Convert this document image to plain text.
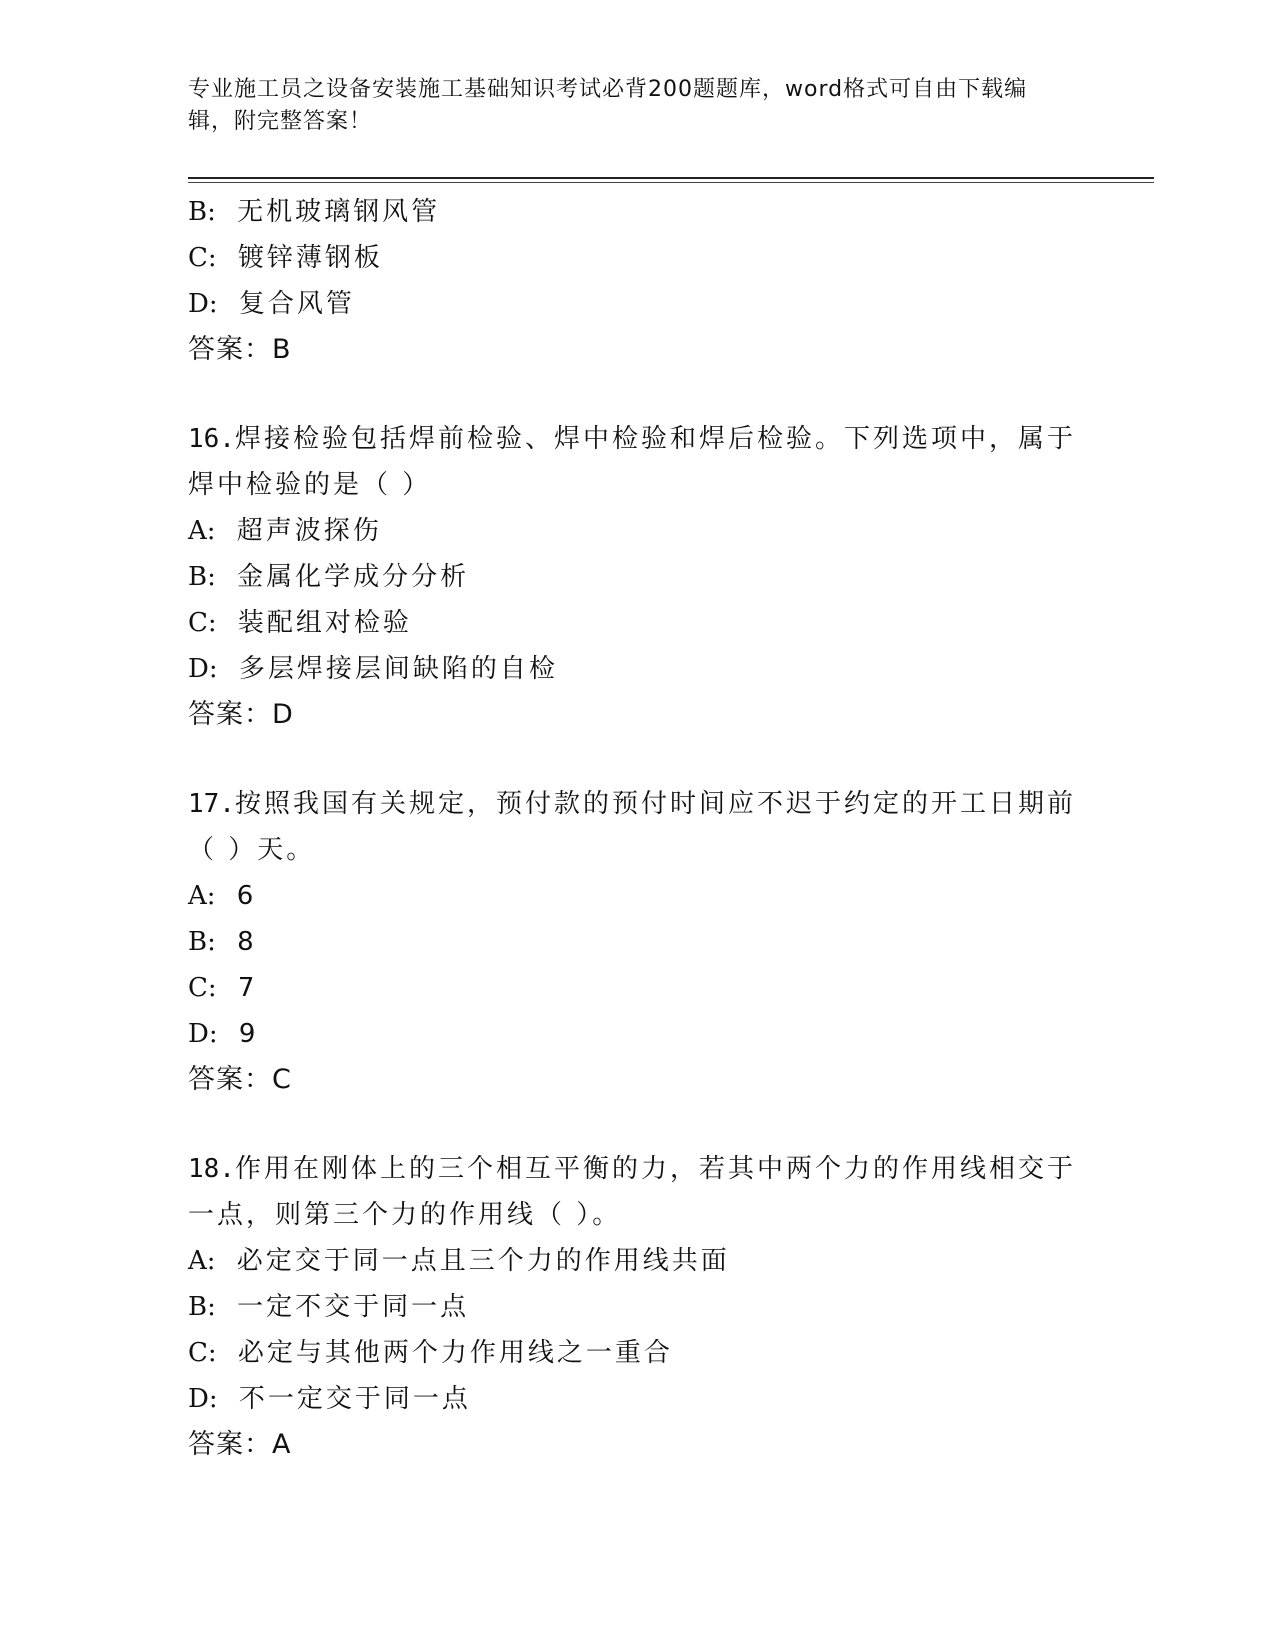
专业施工员之设备安装施工基础知识考试必背200题题库，word格式可自由下载编辑，附完整答案！
B: 无机玻璃钢风管
C: 镀锌薄钢板
D: 复合风管
答案：B
16.焊接检验包括焊前检验、焊中检验和焊后检验。下列选项中，属于
焊中检验的是（ ）
A: 超声波探伤
B: 金属化学成分分析
C: 装配组对检验
D: 多层焊接层间缺陷的自检
答案：D
17.按照我国有关规定，预付款的预付时间应不迟于约定的开工日期前
（ ）天。
A: 6
B: 8
C: 7
D: 9
答案：C
18.作用在刚体上的三个相互平衡的力，若其中两个力的作用线相交于
一点，则第三个力的作用线（ ）。
A: 必定交于同一点且三个力的作用线共面
B: 一定不交于同一点
C: 必定与其他两个力作用线之一重合
D: 不一定交于同一点
答案：A
